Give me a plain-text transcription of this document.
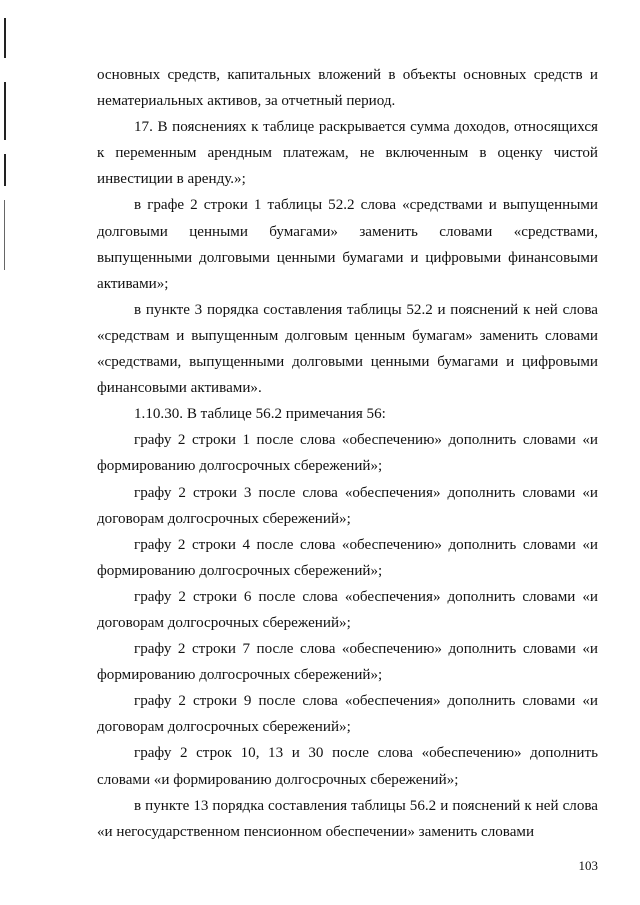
основных средств, капитальных вложений в объекты основных средств и нематериальных активов, за отчетный период.

17. В пояснениях к таблице раскрывается сумма доходов, относящихся к переменным арендным платежам, не включенным в оценку чистой инвестиции в аренду.»;

в графе 2 строки 1 таблицы 52.2 слова «средствами и выпущенными долговыми ценными бумагами» заменить словами «средствами, выпущенными долговыми ценными бумагами и цифровыми финансовыми активами»;

в пункте 3 порядка составления таблицы 52.2 и пояснений к ней слова «средствам и выпущенным долговым ценным бумагам» заменить словами «средствами, выпущенными долговыми ценными бумагами и цифровыми финансовыми активами».

1.10.30. В таблице 56.2 примечания 56:

графу 2 строки 1 после слова «обеспечению» дополнить словами «и формированию долгосрочных сбережений»;

графу 2 строки 3 после слова «обеспечения» дополнить словами «и договорам долгосрочных сбережений»;

графу 2 строки 4 после слова «обеспечению» дополнить словами «и формированию долгосрочных сбережений»;

графу 2 строки 6 после слова «обеспечения» дополнить словами «и договорам долгосрочных сбережений»;

графу 2 строки 7 после слова «обеспечению» дополнить словами «и формированию долгосрочных сбережений»;

графу 2 строки 9 после слова «обеспечения» дополнить словами «и договорам долгосрочных сбережений»;

графу 2 строк 10, 13 и 30 после слова «обеспечению» дополнить словами «и формированию долгосрочных сбережений»;

в пункте 13 порядка составления таблицы 56.2 и пояснений к ней слова «и негосударственном пенсионном обеспечении» заменить словами

103
